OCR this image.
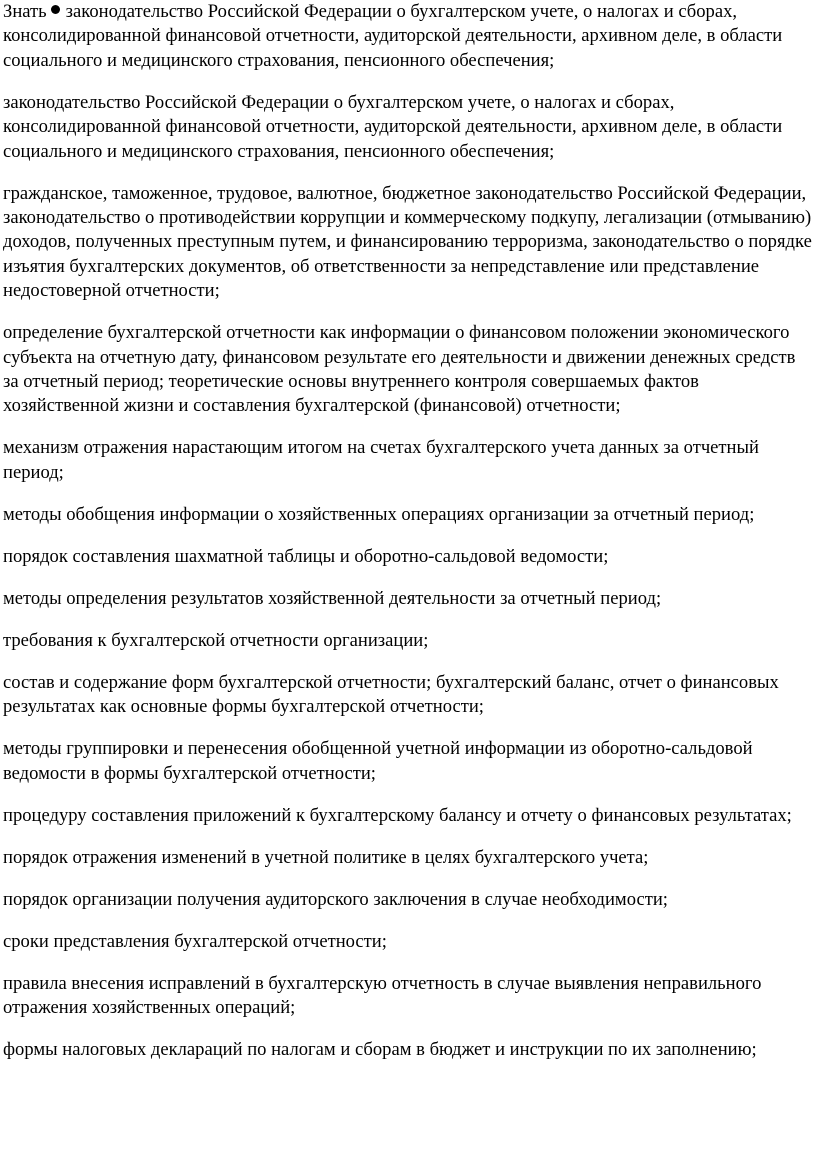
Знать законодательство Российской Федерации о бухгалтерском учете, о налогах и сборах, консолидированной финансовой отчетности, аудиторской деятельности, архивном деле, в области социального и медицинского страхования, пенсионного обеспечения;

законодательство Российской Федерации о бухгалтерском учете, о налогах и сборах, консолидированной финансовой отчетности, аудиторской деятельности, архивном деле, в области социального и медицинского страхования, пенсионного обеспечения;

гражданское, таможенное, трудовое, валютное, бюджетное законодательство Российской Федерации, законодательство о противодействии коррупции и коммерческому подкупу, легализации (отмыванию) доходов, полученных преступным путем, и финансированию терроризма, законодательство о порядке изъятия бухгалтерских документов, об ответственности за непредставление или представление недостоверной отчетности;

определение бухгалтерской отчетности как информации о финансовом положении экономического субъекта на отчетную дату, финансовом результате его деятельности и движении денежных средств за отчетный период; теоретические основы внутреннего контроля совершаемых фактов хозяйственной жизни и составления бухгалтерской (финансовой) отчетности;

механизм отражения нарастающим итогом на счетах бухгалтерского учета данных за отчетный период;

методы обобщения информации о хозяйственных операциях организации за отчетный период;

порядок составления шахматной таблицы и оборотно-сальдовой ведомости;

методы определения результатов хозяйственной деятельности за отчетный период;

требования к бухгалтерской отчетности организации;

состав и содержание форм бухгалтерской отчетности; бухгалтерский баланс, отчет о финансовых результатах как основные формы бухгалтерской отчетности;

методы группировки и перенесения обобщенной учетной информации из оборотно-сальдовой ведомости в формы бухгалтерской отчетности;

процедуру составления приложений к бухгалтерскому балансу и отчету о финансовых результатах;

порядок отражения изменений в учетной политике в целях бухгалтерского учета;

порядок организации получения аудиторского заключения в случае необходимости;

сроки представления бухгалтерской отчетности;

правила внесения исправлений в бухгалтерскую отчетность в случае выявления неправильного отражения хозяйственных операций;

формы налоговых деклараций по налогам и сборам в бюджет и инструкции по их заполнению;
